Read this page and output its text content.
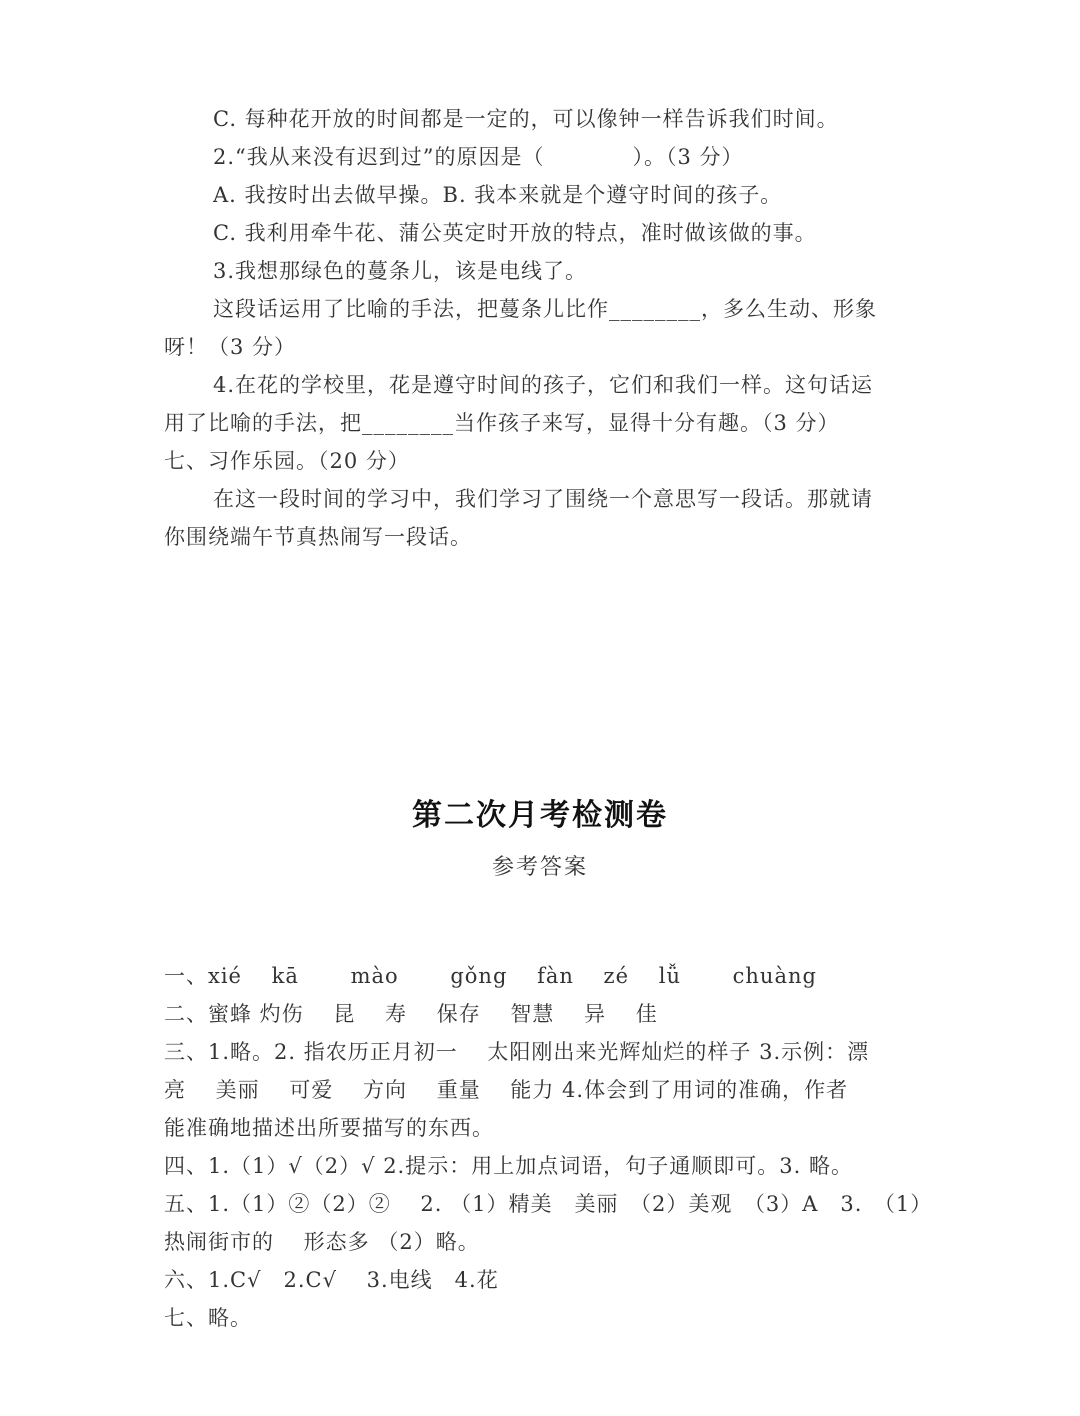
C. 每种花开放的时间都是一定的，可以像钟一样告诉我们时间。
2.“我从来没有迟到过”的原因是（　　　　）。（3 分）
A. 我按时出去做早操。B. 我本来就是个遵守时间的孩子。
C. 我利用牵牛花、蒲公英定时开放的特点，准时做该做的事。
3.我想那绿色的蔓条儿，该是电线了。
这段话运用了比喻的手法，把蔓条儿比作________，多么生动、形象
呀！（3 分）
4.在花的学校里，花是遵守时间的孩子，它们和我们一样。这句话运
用了比喻的手法，把________当作孩子来写，显得十分有趣。（3 分）
七、习作乐园。（20 分）
在这一段时间的学习中，我们学习了围绕一个意思写一段话。那就请
你围绕端午节真热闹写一段话。
第二次月考检测卷
参考答案
一、xié　 kā　　 mào　　 gǒng　 fàn　 zé　 lǚ　　 chuàng
二、蜜蜂 灼伤　 昆　 寿　 保存　 智慧　 异　 佳
三、1.略。2. 指农历正月初一　 太阳刚出来光辉灿烂的样子 3.示例：漂
亮　 美丽　 可爱　 方向　 重量　 能力 4.体会到了用词的准确，作者
能准确地描述出所要描写的东西。
四、1.（1）√（2）√ 2.提示：用上加点词语，句子通顺即可。3. 略。
五、1.（1）②（2）②　 2. （1）精美　美丽　（2）美观　（3）A　3.　（1）
热闹街市的　 形态多 （2）略。
六、1.C√　2.C√　 3.电线　4.花
七、略。
